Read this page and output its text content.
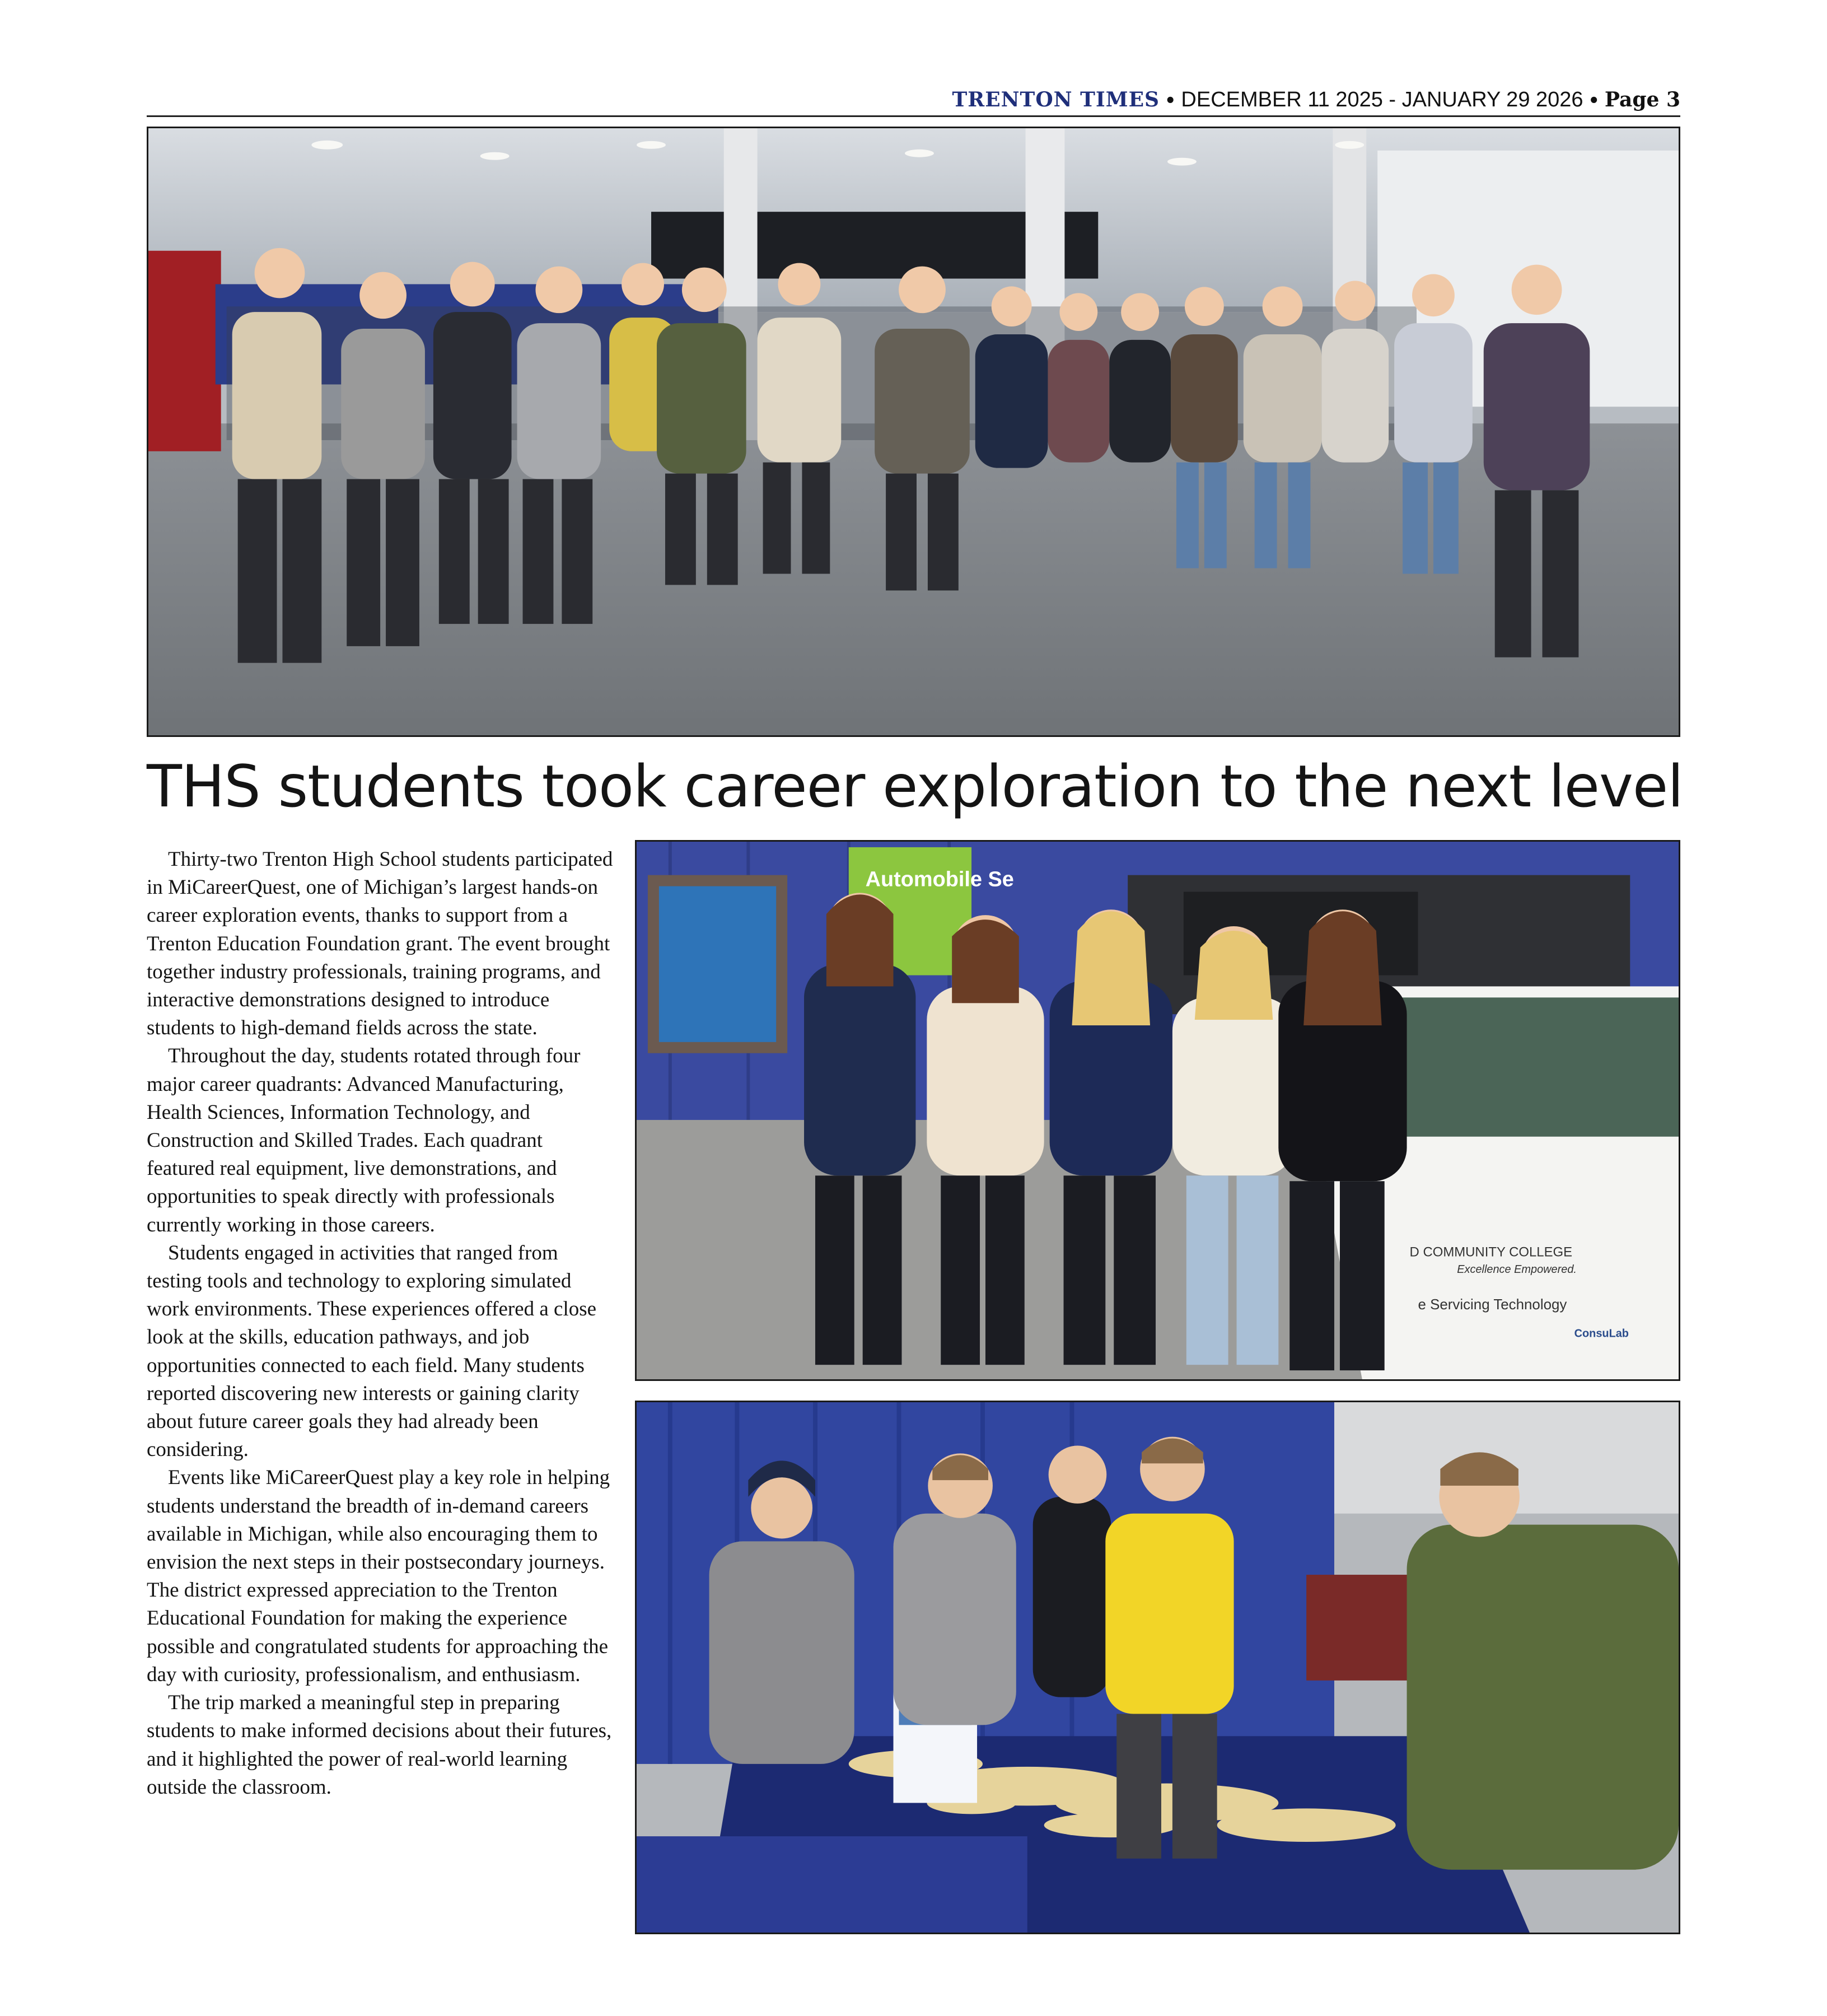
TRENTON TIMES • DECEMBER 11 2025 - JANUARY 29 2026 • Page 3
THS students took career exploration to the next level

Thirty-two Trenton High School students participated in MiCareerQuest, one of Michigan’s largest hands-on career exploration events, thanks to support from a Trenton Education Foundation grant. The event brought together industry professionals, training programs, and interactive demonstrations designed to introduce students to high-demand fields across the state.

Throughout the day, students rotated through four major career quadrants: Advanced Manufacturing, Health Sciences, Information Technology, and Construction and Skilled Trades. Each quadrant featured real equipment, live demonstrations, and opportunities to speak directly with professionals currently working in those careers.

Students engaged in activities that ranged from testing tools and technology to exploring simulated work environments. These experiences offered a close look at the skills, education pathways, and job opportunities connected to each field. Many students reported discovering new interests or gaining clarity about future career goals they had already been considering.

Events like MiCareerQuest play a key role in helping students understand the breadth of in-demand careers available in Michigan, while also encouraging them to envision the next steps in their postsecondary journeys. The district expressed appreciation to the Trenton Educational Foundation for making the experience possible and congratulated students for approaching the day with curiosity, professionalism, and enthusiasm.

The trip marked a meaningful step in preparing students to make informed decisions about their futures, and it highlighted the power of real-world learning outside the classroom.

Automobile Se
D COMMUNITY COLLEGE
Excellence Empowered.
e Servicing Technology
ConsuLab
